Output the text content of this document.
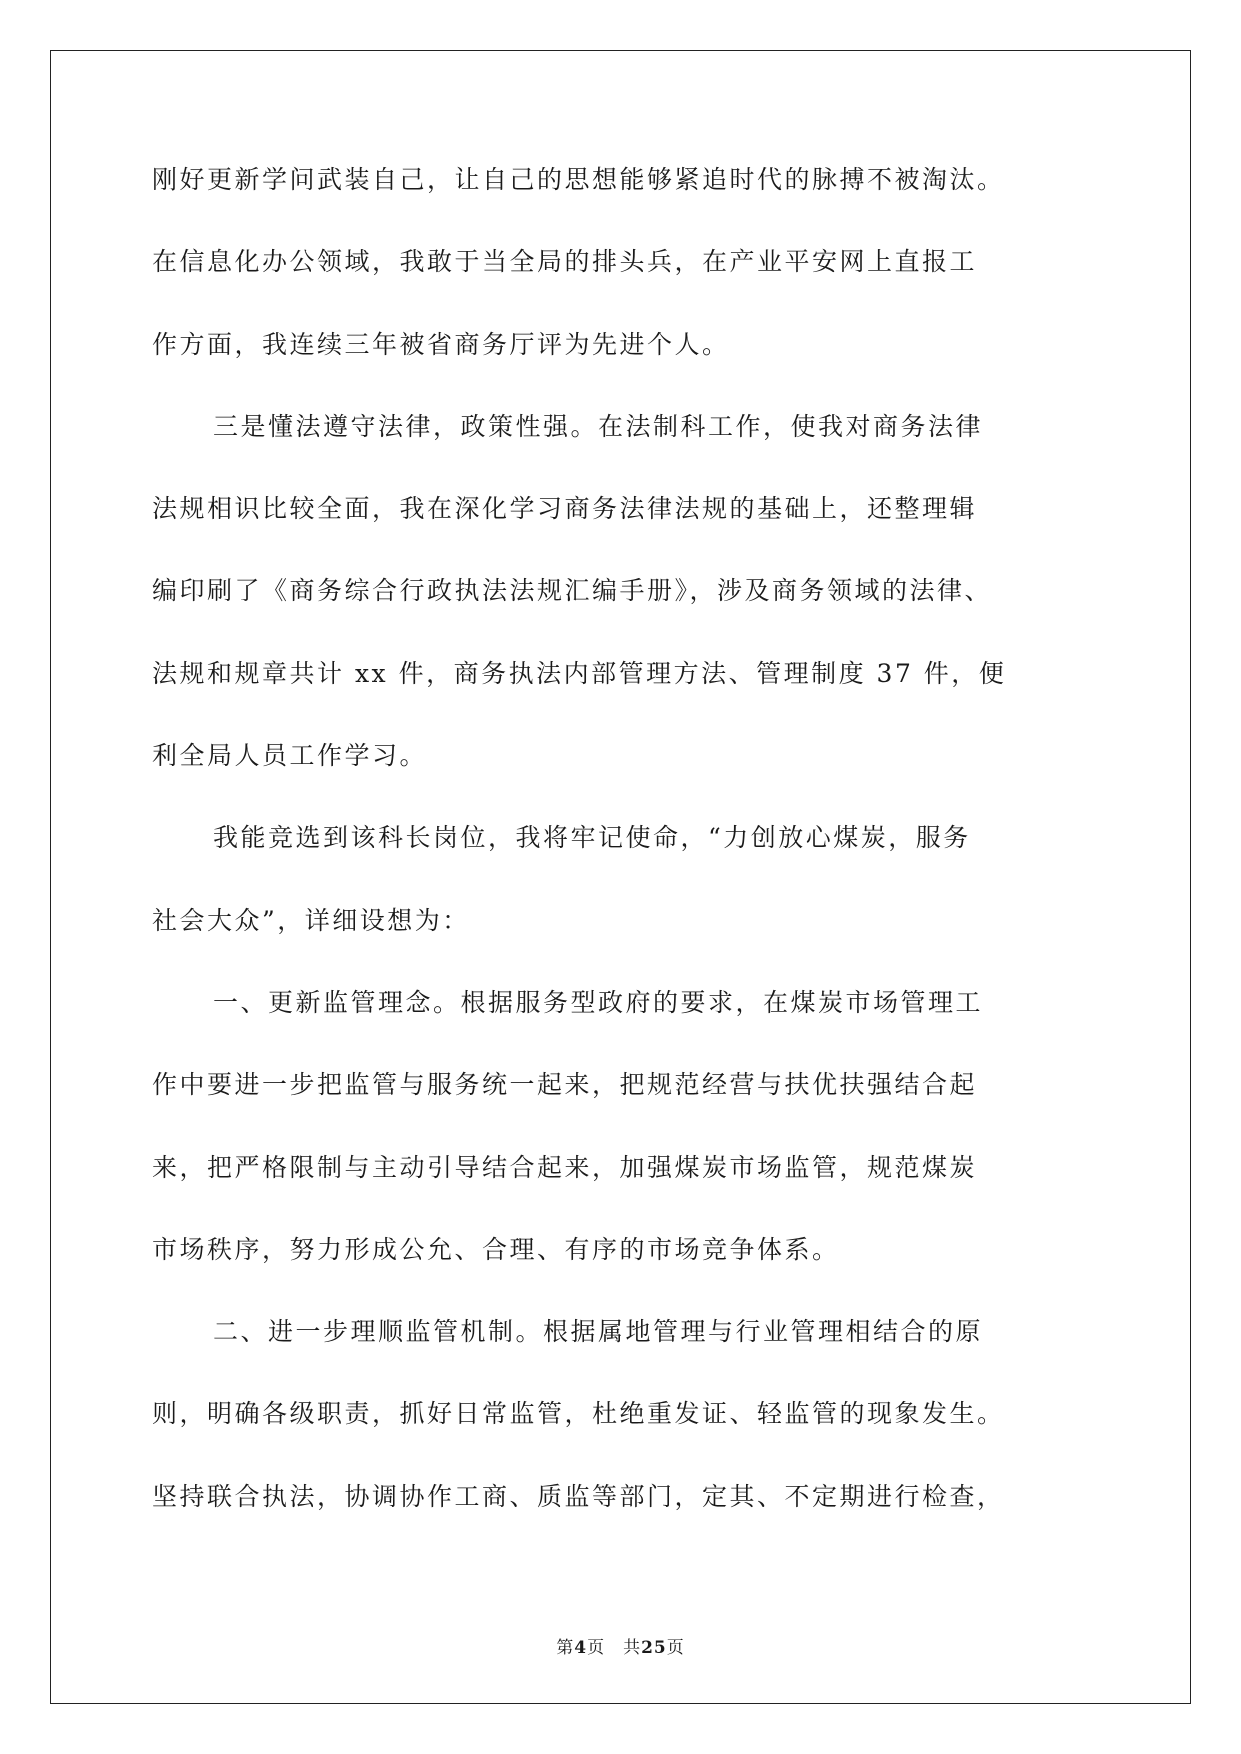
刚好更新学问武装自己，让自己的思想能够紧追时代的脉搏不被淘汰。
在信息化办公领域，我敢于当全局的排头兵，在产业平安网上直报工
作方面，我连续三年被省商务厅评为先进个人。
三是懂法遵守法律，政策性强。在法制科工作，使我对商务法律
法规相识比较全面，我在深化学习商务法律法规的基础上，还整理辑
编印刷了《商务综合行政执法法规汇编手册》，涉及商务领域的法律、
法规和规章共计 xx 件，商务执法内部管理方法、管理制度 37 件，便
利全局人员工作学习。
我能竞选到该科长岗位，我将牢记使命，“力创放心煤炭，服务
社会大众”，详细设想为：
一、更新监管理念。根据服务型政府的要求，在煤炭市场管理工
作中要进一步把监管与服务统一起来，把规范经营与扶优扶强结合起
来，把严格限制与主动引导结合起来，加强煤炭市场监管，规范煤炭
市场秩序，努力形成公允、合理、有序的市场竞争体系。
二、进一步理顺监管机制。根据属地管理与行业管理相结合的原
则，明确各级职责，抓好日常监管，杜绝重发证、轻监管的现象发生。
坚持联合执法，协调协作工商、质监等部门，定其、不定期进行检查，
第4页 共25页
